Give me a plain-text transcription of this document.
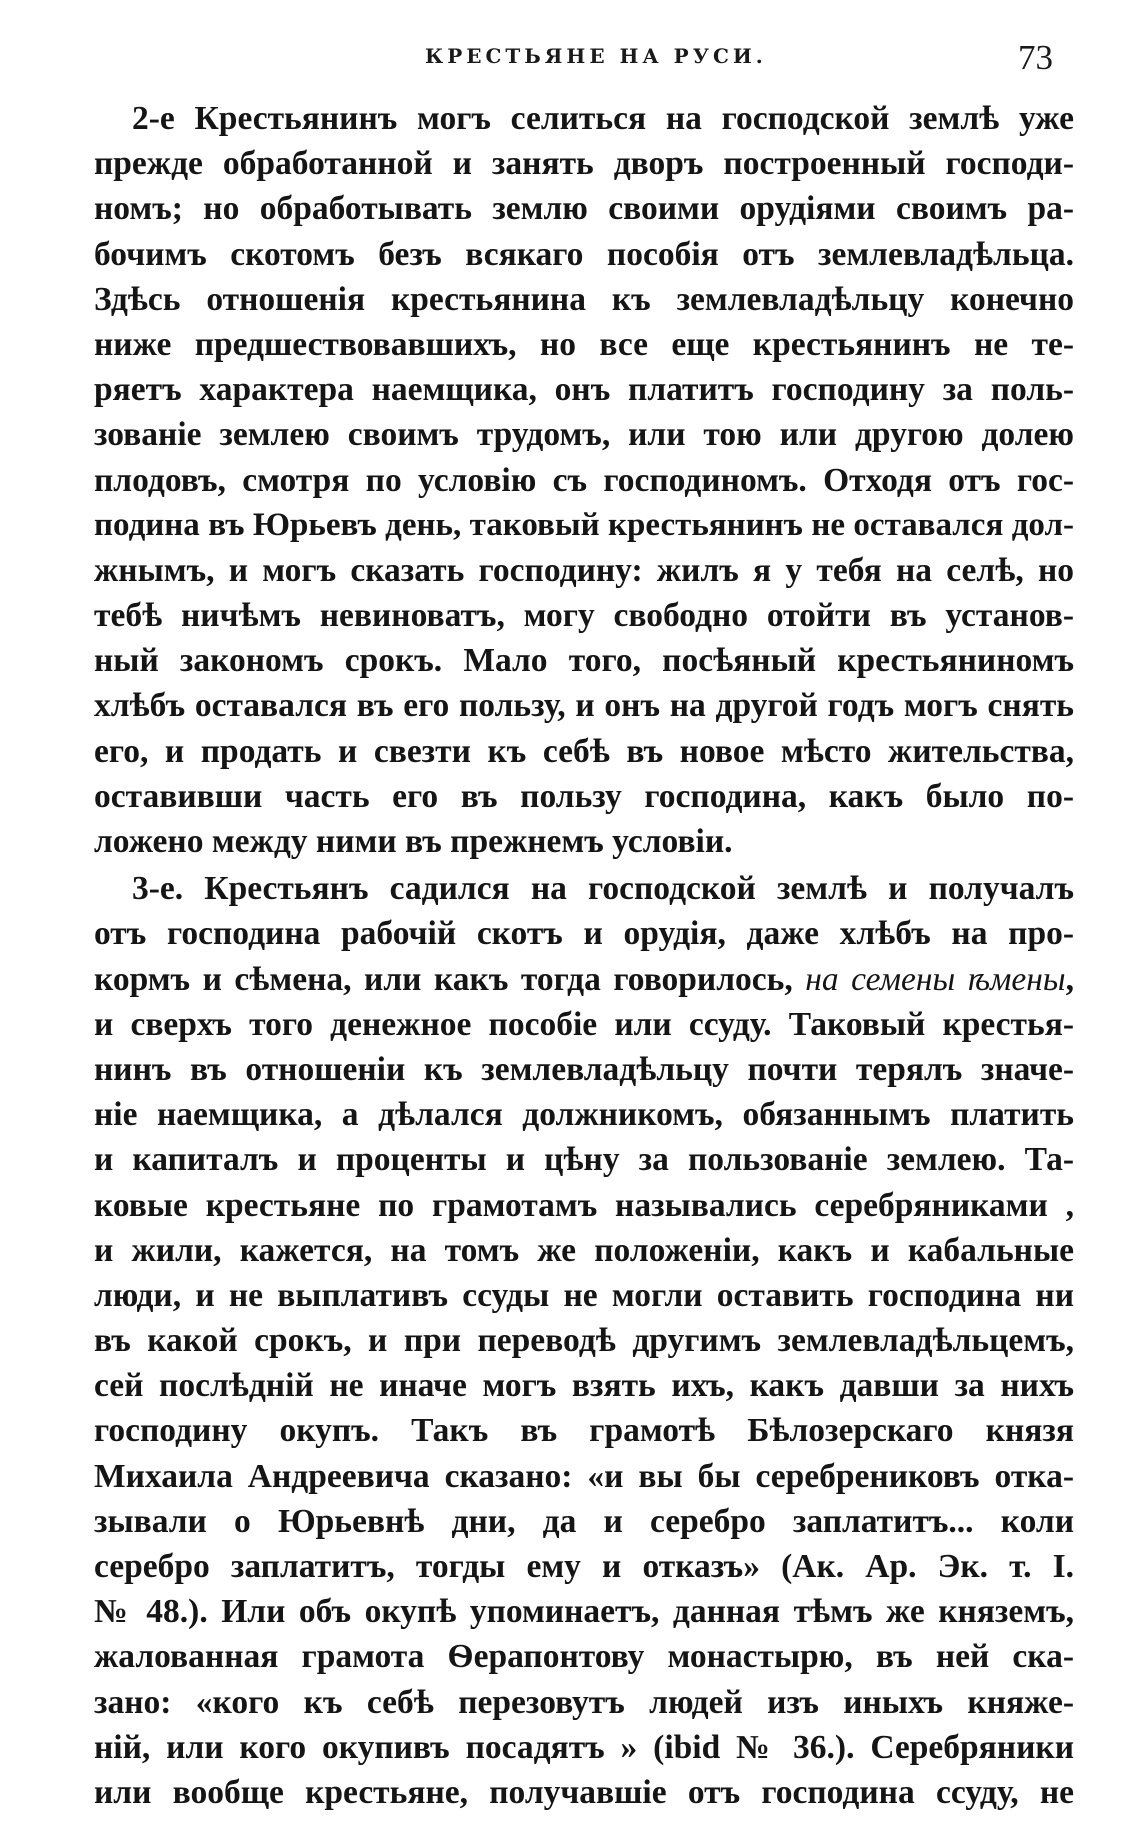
КРЕСТЬЯНЕ НА РУСИ.	73
2-е Крестьянинъ могъ селиться на господской землѣ уже
прежде обработанной и занять дворъ построенный господи-
номъ; но обработывать землю своими орудіями своимъ ра-
бочимъ скотомъ безъ всякаго пособія отъ землевладѣльца.
Здѣсь отношенія крестьянина къ землевладѣльцу конечно
ниже предшествовавшихъ, но все еще крестьянинъ не те-
ряетъ характера наемщика, онъ платитъ господину за поль-
зованіе землею своимъ трудомъ, или тою или другою долею
плодовъ, смотря по условію съ господиномъ. Отходя отъ гос-
подина въ Юрьевъ день, таковый крестьянинъ не оставался дол-
жнымъ, и могъ сказать господину: жилъ я у тебя на селѣ, но
тебѣ ничѣмъ невиноватъ, могу свободно отойти въ установ-
ный закономъ срокъ. Мало того, посѣяный крестьяниномъ
хлѣбъ оставался въ его пользу, и онъ на другой годъ могъ снять
его, и продать и свезти къ себѣ въ новое мѣсто жительства,
оставивши часть его въ пользу господина, какъ было по-
ложено между ними въ прежнемъ условіи.
3-е. Крестьянъ садился на господской землѣ и получалъ
отъ господина рабочій скотъ и орудія, даже хлѣбъ на про-
кормъ и сѣмена, или какъ тогда говорилось, на семены ѣмены,
и сверхъ того денежное пособіе или ссуду. Таковый крестья-
нинъ въ отношеніи къ землевладѣльцу почти терялъ значе-
ніе наемщика, а дѣлался должникомъ, обязаннымъ платить
и капиталъ и проценты и цѣну за пользованіе землею. Та-
ковые крестьяне по грамотамъ назывались серебряниками ,
и жили, кажется, на томъ же положеніи, какъ и кабальные
люди, и не выплативъ ссуды не могли оставить господина ни
въ какой срокъ, и при переводѣ другимъ землевладѣльцемъ,
сей послѣдній не иначе могъ взять ихъ, какъ давши за нихъ
господину окупъ. Такъ въ грамотѣ Бѣлозерскаго князя
Михаила Андреевича сказано: «и вы бы серебрениковъ отка-
зывали о Юрьевнѣ дни, да и серебро заплатитъ... коли
серебро заплатитъ, тогды ему и отказъ» (Ак. Ар. Эк. т. I.
№ 48.). Или объ окупѣ упоминаетъ, данная тѣмъ же княземъ,
жалованная грамота Ѳерапонтову монастырю, въ ней ска-
зано: «кого къ себѣ перезовутъ людей изъ иныхъ княже-
ній, или кого окупивъ посадятъ » (ibid № 36.). Серебряники
или вообще крестьяне, получавшіе отъ господина ссуду, не
